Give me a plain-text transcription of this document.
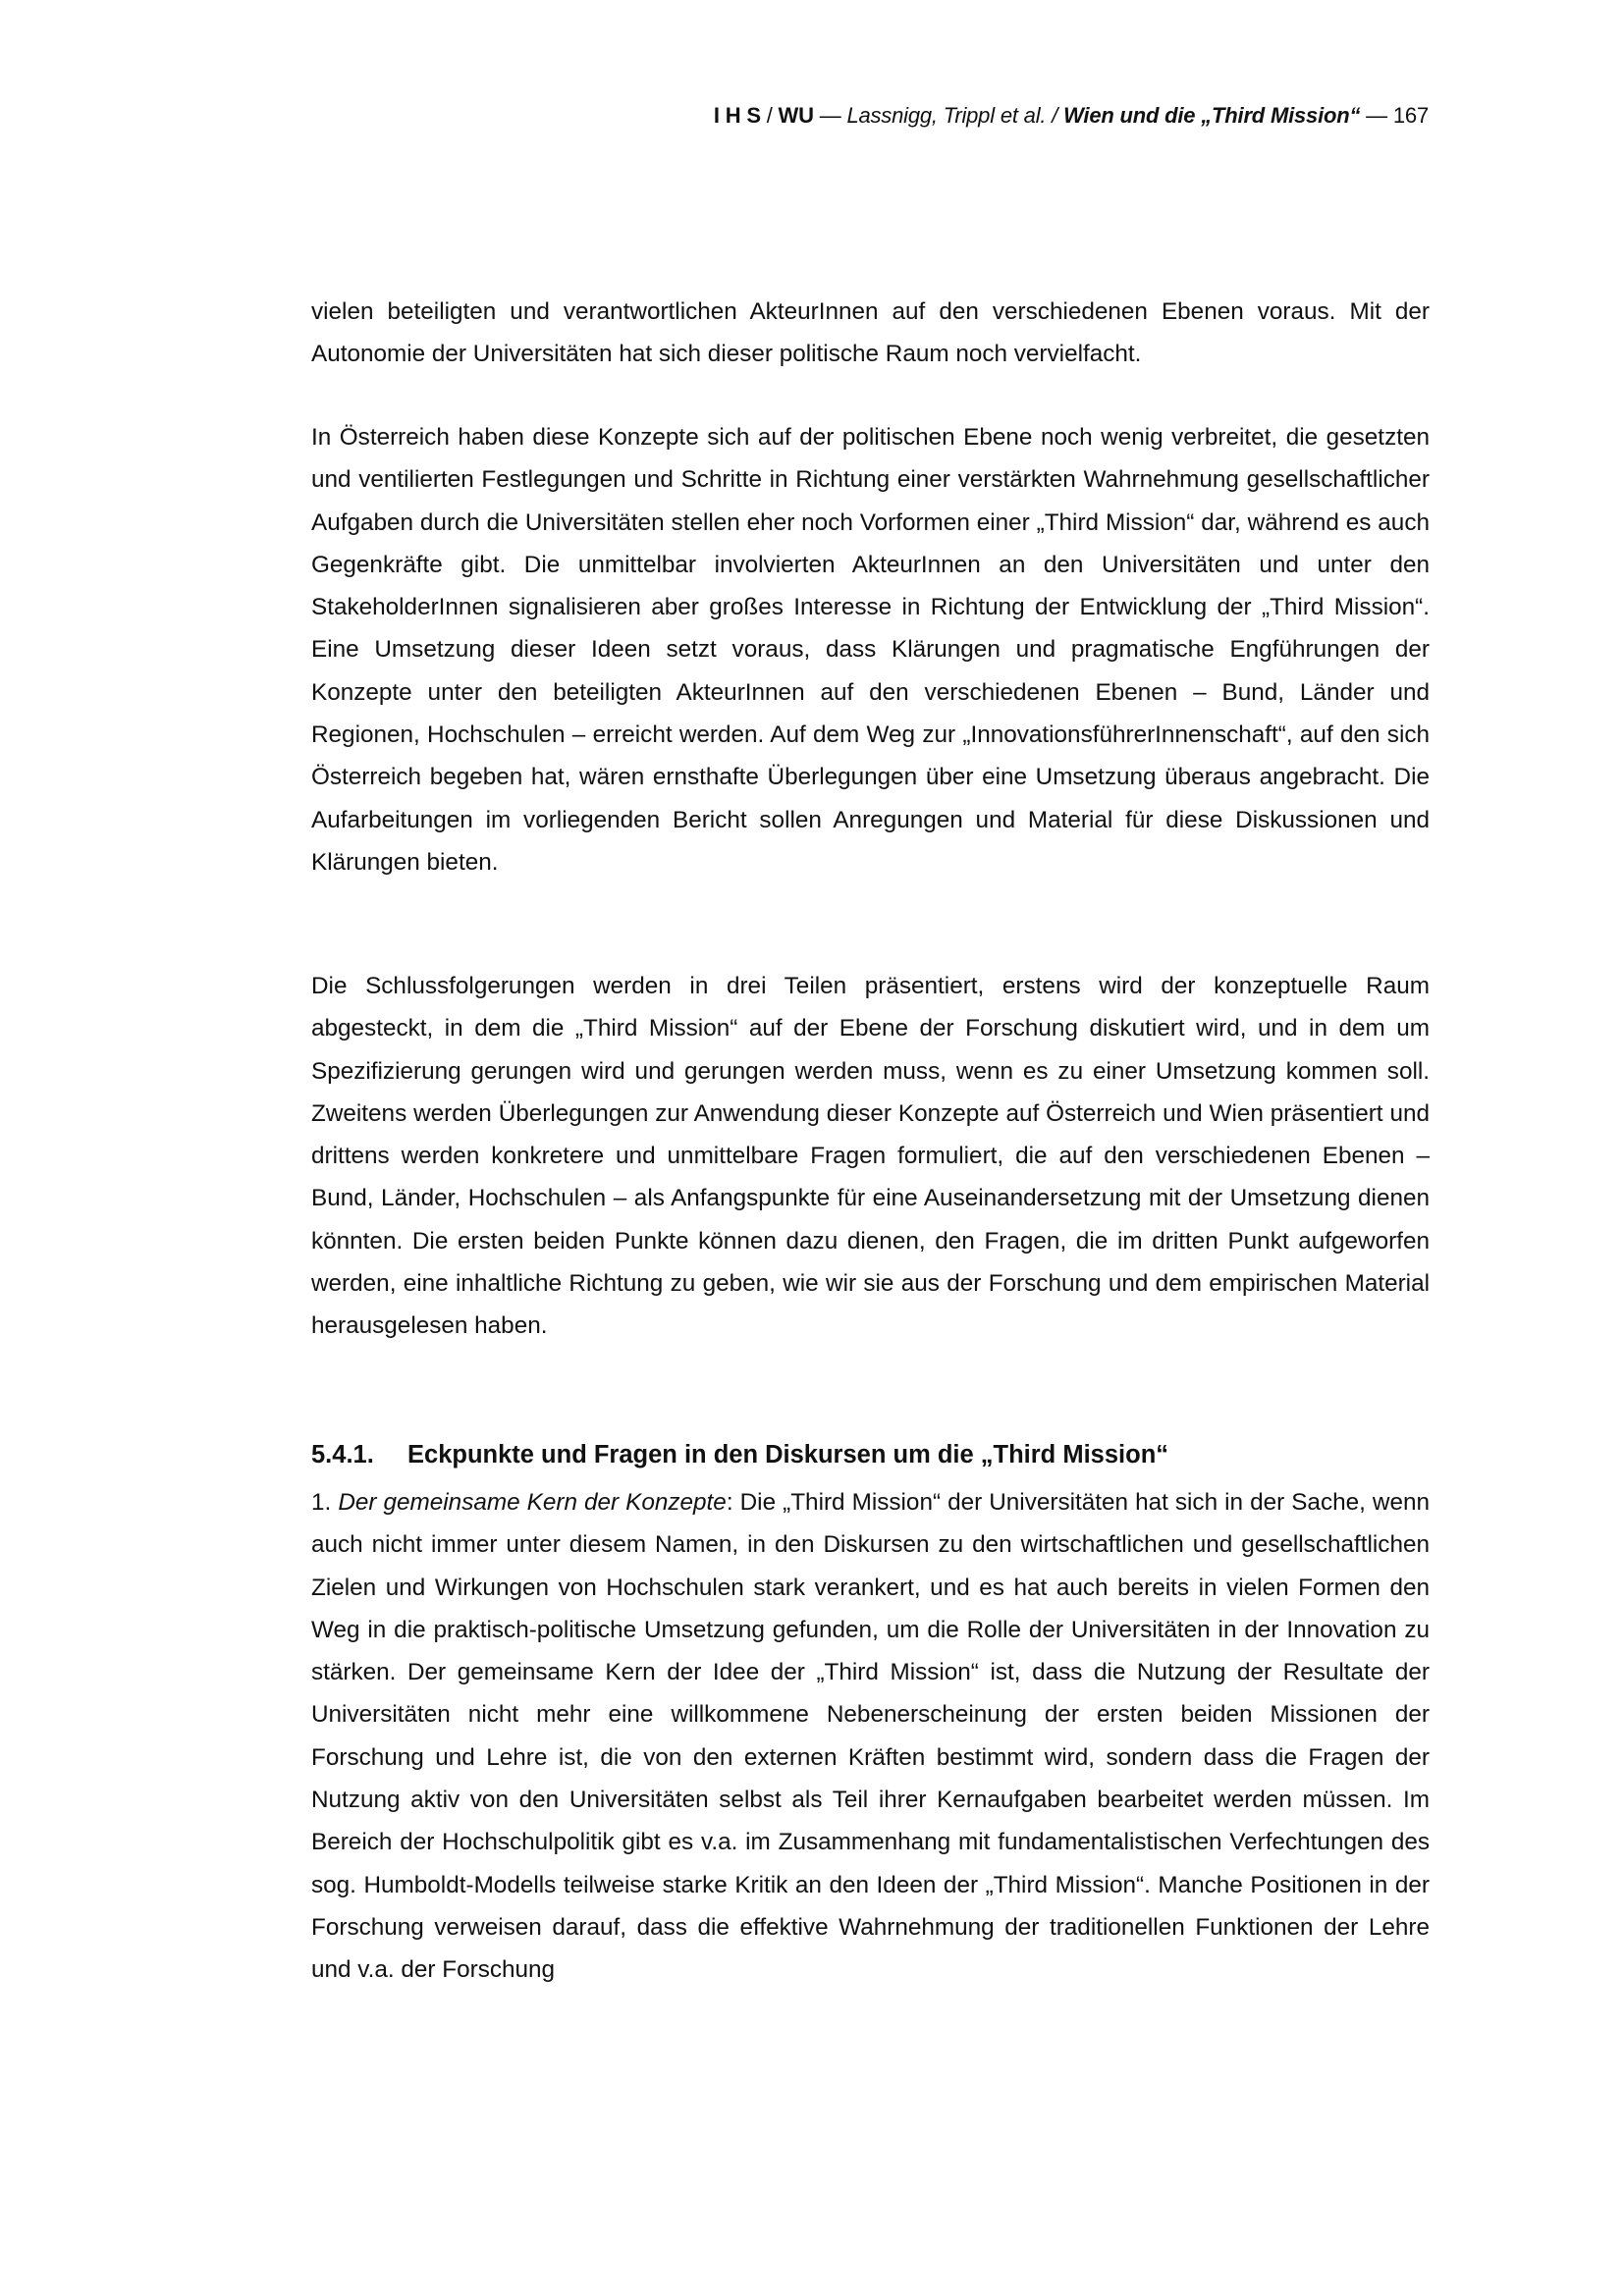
I H S / WU — Lassnigg, Trippl et al. / Wien und die „Third Mission“ — 167

vielen beteiligten und verantwortlichen AkteurInnen auf den verschiedenen Ebenen voraus. Mit der Autonomie der Universitäten hat sich dieser politische Raum noch vervielfacht.

In Österreich haben diese Konzepte sich auf der politischen Ebene noch wenig verbreitet, die gesetzten und ventilierten Festlegungen und Schritte in Richtung einer verstärkten Wahrnehmung gesellschaftlicher Aufgaben durch die Universitäten stellen eher noch Vorformen einer „Third Mission“ dar, während es auch Gegenkräfte gibt. Die unmittelbar involvierten AkteurInnen an den Universitäten und unter den StakeholderInnen signalisieren aber großes Interesse in Richtung der Entwicklung der „Third Mission“. Eine Umsetzung dieser Ideen setzt voraus, dass Klärungen und pragmatische Engführungen der Konzepte unter den beteiligten AkteurInnen auf den verschiedenen Ebenen – Bund, Länder und Regionen, Hochschulen – erreicht werden. Auf dem Weg zur „InnovationsführerInnenschaft“, auf den sich Österreich begeben hat, wären ernsthafte Überlegungen über eine Umsetzung überaus angebracht. Die Aufarbeitungen im vorliegenden Bericht sollen Anregungen und Material für diese Diskussionen und Klärungen bieten.

Die Schlussfolgerungen werden in drei Teilen präsentiert, erstens wird der konzeptuelle Raum abgesteckt, in dem die „Third Mission“ auf der Ebene der Forschung diskutiert wird, und in dem um Spezifizierung gerungen wird und gerungen werden muss, wenn es zu einer Umsetzung kommen soll. Zweitens werden Überlegungen zur Anwendung dieser Konzepte auf Österreich und Wien präsentiert und drittens werden konkretere und unmittelbare Fragen formuliert, die auf den verschiedenen Ebenen – Bund, Länder, Hochschulen – als Anfangspunkte für eine Auseinandersetzung mit der Umsetzung dienen könnten. Die ersten beiden Punkte können dazu dienen, den Fragen, die im dritten Punkt aufgeworfen werden, eine inhaltliche Richtung zu geben, wie wir sie aus der Forschung und dem empirischen Material herausgelesen haben.

5.4.1. Eckpunkte und Fragen in den Diskursen um die „Third Mission“

1. Der gemeinsame Kern der Konzepte: Die „Third Mission“ der Universitäten hat sich in der Sache, wenn auch nicht immer unter diesem Namen, in den Diskursen zu den wirtschaftlichen und gesellschaftlichen Zielen und Wirkungen von Hochschulen stark verankert, und es hat auch bereits in vielen Formen den Weg in die praktisch-politische Umsetzung gefunden, um die Rolle der Universitäten in der Innovation zu stärken. Der gemeinsame Kern der Idee der „Third Mission“ ist, dass die Nutzung der Resultate der Universitäten nicht mehr eine willkommene Nebenerscheinung der ersten beiden Missionen der Forschung und Lehre ist, die von den externen Kräften bestimmt wird, sondern dass die Fragen der Nutzung aktiv von den Universitäten selbst als Teil ihrer Kernaufgaben bearbeitet werden müssen. Im Bereich der Hochschulpolitik gibt es v.a. im Zusammenhang mit fundamentalistischen Verfechtungen des sog. Humboldt-Modells teilweise starke Kritik an den Ideen der „Third Mission“. Manche Positionen in der Forschung verweisen darauf, dass die effektive Wahrnehmung der traditionellen Funktionen der Lehre und v.a. der Forschung
